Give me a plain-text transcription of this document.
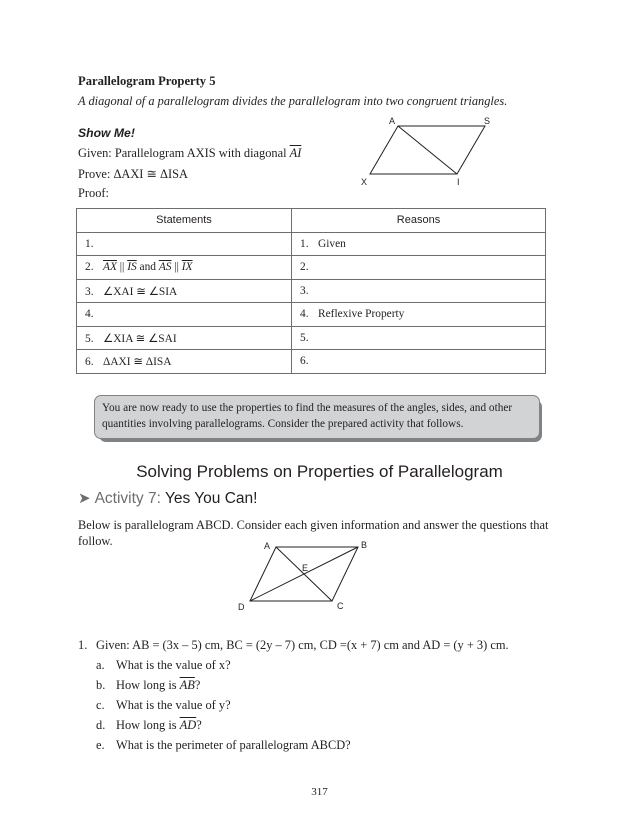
Parallelogram Property 5
A diagonal of a parallelogram divides the parallelogram into two congruent triangles.
Show Me!
Given: Parallelogram AXIS with diagonal $\overline{AI}$
Prove: ΔAXI ≅ ΔISA
Proof:
A	S
X	I
Statements	Reasons
1.	1. Given
2. $\overline{AX}$ || $\overline{IS}$ and $\overline{AS}$ || $\overline{IX}$	2.
3. ∠XAI ≅ ∠SIA	3.
4.	4. Reflexive Property
5. ∠XIA ≅ ∠SAI	5.
6. ΔAXI ≅ ΔISA	6.
You are now ready to use the properties to find the measures of the angles, sides, and other quantities involving parallelograms. Consider the prepared activity that follows.
Solving Problems on Properties of Parallelogram
➤ Activity 7: Yes You Can!
Below is parallelogram ABCD. Consider each given information and answer the questions that follow.	A	B
C
D
E
1. Given: AB = (3x – 5) cm, BC = (2y – 7) cm, CD =(x + 7) cm and AD = (y + 3) cm.
a. What is the value of x?
b. How long is $\overline{AB}$?
c. What is the value of y?
d. How long is $\overline{AD}$?
e. What is the perimeter of parallelogram ABCD?
317
